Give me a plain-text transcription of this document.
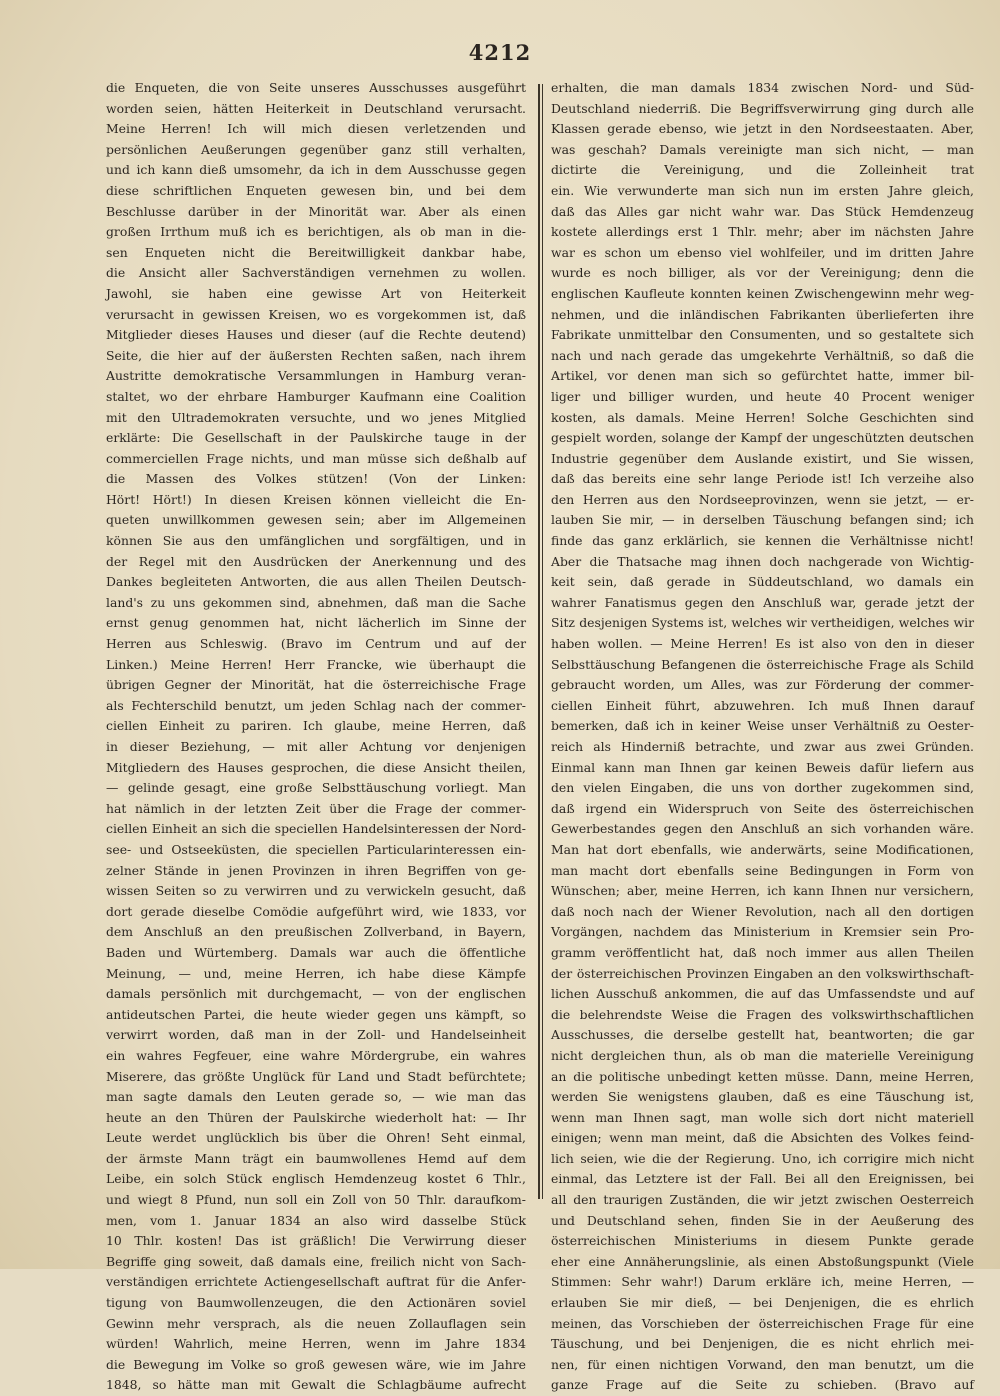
4212
die Enqueten, die von Seite unseres Ausschusses ausgeführt
worden seien, hätten Heiterkeit in Deutschland verursacht.
Meine Herren! Ich will mich diesen verletzenden und
persönlichen Aeußerungen gegenüber ganz still verhalten,
und ich kann dieß umsomehr, da ich in dem Ausschusse gegen
diese schriftlichen Enqueten gewesen bin, und bei dem
Beschlusse darüber in der Minorität war. Aber als einen
großen Irrthum muß ich es berichtigen, als ob man in die-
sen Enqueten nicht die Bereitwilligkeit dankbar habe,
die Ansicht aller Sachverständigen vernehmen zu wollen.
Jawohl, sie haben eine gewisse Art von Heiterkeit
verursacht in gewissen Kreisen, wo es vorgekommen ist, daß
Mitglieder dieses Hauses und dieser (auf die Rechte deutend)
Seite, die hier auf der äußersten Rechten saßen, nach ihrem
Austritte demokratische Versammlungen in Hamburg veran-
staltet, wo der ehrbare Hamburger Kaufmann eine Coalition
mit den Ultrademokraten versuchte, und wo jenes Mitglied
erklärte: Die Gesellschaft in der Paulskirche tauge in der
commerciellen Frage nichts, und man müsse sich deßhalb auf
die Massen des Volkes stützen! (Von der Linken:
Hört! Hört!) In diesen Kreisen können vielleicht die En-
queten unwillkommen gewesen sein; aber im Allgemeinen
können Sie aus den umfänglichen und sorgfältigen, und in
der Regel mit den Ausdrücken der Anerkennung und des
Dankes begleiteten Antworten, die aus allen Theilen Deutsch-
land's zu uns gekommen sind, abnehmen, daß man die Sache
ernst genug genommen hat, nicht lächerlich im Sinne der
Herren aus Schleswig. (Bravo im Centrum und auf der
Linken.) Meine Herren! Herr Francke, wie überhaupt die
übrigen Gegner der Minorität, hat die österreichische Frage
als Fechterschild benutzt, um jeden Schlag nach der commer-
ciellen Einheit zu pariren. Ich glaube, meine Herren, daß
in dieser Beziehung, — mit aller Achtung vor denjenigen
Mitgliedern des Hauses gesprochen, die diese Ansicht theilen,
— gelinde gesagt, eine große Selbsttäuschung vorliegt. Man
hat nämlich in der letzten Zeit über die Frage der commer-
ciellen Einheit an sich die speciellen Handelsinteressen der Nord-
see- und Ostseeküsten, die speciellen Particularinteressen ein-
zelner Stände in jenen Provinzen in ihren Begriffen von ge-
wissen Seiten so zu verwirren und zu verwickeln gesucht, daß
dort gerade dieselbe Comödie aufgeführt wird, wie 1833, vor
dem Anschluß an den preußischen Zollverband, in Bayern,
Baden und Würtemberg. Damals war auch die öffentliche
Meinung, — und, meine Herren, ich habe diese Kämpfe
damals persönlich mit durchgemacht, — von der englischen
antideutschen Partei, die heute wieder gegen uns kämpft, so
verwirrt worden, daß man in der Zoll- und Handelseinheit
ein wahres Fegfeuer, eine wahre Mördergrube, ein wahres
Miserere, das größte Unglück für Land und Stadt befürchtete;
man sagte damals den Leuten gerade so, — wie man das
heute an den Thüren der Paulskirche wiederholt hat: — Ihr
Leute werdet unglücklich bis über die Ohren! Seht einmal,
der ärmste Mann trägt ein baumwollenes Hemd auf dem
Leibe, ein solch Stück englisch Hemdenzeug kostet 6 Thlr.,
und wiegt 8 Pfund, nun soll ein Zoll von 50 Thlr. daraufkom-
men, vom 1. Januar 1834 an also wird dasselbe Stück
10 Thlr. kosten! Das ist gräßlich! Die Verwirrung dieser
Begriffe ging soweit, daß damals eine, freilich nicht von Sach-
verständigen errichtete Actiengesellschaft auftrat für die Anfer-
tigung von Baumwollenzeugen, die den Actionären soviel
Gewinn mehr versprach, als die neuen Zollauflagen sein
würden! Wahrlich, meine Herren, wenn im Jahre 1834
die Bewegung im Volke so groß gewesen wäre, wie im Jahre
1848, so hätte man mit Gewalt die Schlagbäume aufrecht
erhalten, die man damals 1834 zwischen Nord- und Süd-
Deutschland niederriß. Die Begriffsverwirrung ging durch alle
Klassen gerade ebenso, wie jetzt in den Nordseestaaten. Aber,
was geschah? Damals vereinigte man sich nicht, — man
dictirte die Vereinigung, und die Zolleinheit trat
ein. Wie verwunderte man sich nun im ersten Jahre gleich,
daß das Alles gar nicht wahr war. Das Stück Hemdenzeug
kostete allerdings erst 1 Thlr. mehr; aber im nächsten Jahre
war es schon um ebenso viel wohlfeiler, und im dritten Jahre
wurde es noch billiger, als vor der Vereinigung; denn die
englischen Kaufleute konnten keinen Zwischengewinn mehr weg-
nehmen, und die inländischen Fabrikanten überlieferten ihre
Fabrikate unmittelbar den Consumenten, und so gestaltete sich
nach und nach gerade das umgekehrte Verhältniß, so daß die
Artikel, vor denen man sich so gefürchtet hatte, immer bil-
liger und billiger wurden, und heute 40 Procent weniger
kosten, als damals. Meine Herren! Solche Geschichten sind
gespielt worden, solange der Kampf der ungeschützten deutschen
Industrie gegenüber dem Auslande existirt, und Sie wissen,
daß das bereits eine sehr lange Periode ist! Ich verzeihe also
den Herren aus den Nordseeprovinzen, wenn sie jetzt, — er-
lauben Sie mir, — in derselben Täuschung befangen sind; ich
finde das ganz erklärlich, sie kennen die Verhältnisse nicht!
Aber die Thatsache mag ihnen doch nachgerade von Wichtig-
keit sein, daß gerade in Süddeutschland, wo damals ein
wahrer Fanatismus gegen den Anschluß war, gerade jetzt der
Sitz desjenigen Systems ist, welches wir vertheidigen, welches wir
haben wollen. — Meine Herren! Es ist also von den in dieser
Selbsttäuschung Befangenen die österreichische Frage als Schild
gebraucht worden, um Alles, was zur Förderung der commer-
ciellen Einheit führt, abzuwehren. Ich muß Ihnen darauf
bemerken, daß ich in keiner Weise unser Verhältniß zu Oester-
reich als Hinderniß betrachte, und zwar aus zwei Gründen.
Einmal kann man Ihnen gar keinen Beweis dafür liefern aus
den vielen Eingaben, die uns von dorther zugekommen sind,
daß irgend ein Widerspruch von Seite des österreichischen
Gewerbestandes gegen den Anschluß an sich vorhanden wäre.
Man hat dort ebenfalls, wie anderwärts, seine Modificationen,
man macht dort ebenfalls seine Bedingungen in Form von
Wünschen; aber, meine Herren, ich kann Ihnen nur versichern,
daß noch nach der Wiener Revolution, nach all den dortigen
Vorgängen, nachdem das Ministerium in Kremsier sein Pro-
gramm veröffentlicht hat, daß noch immer aus allen Theilen
der österreichischen Provinzen Eingaben an den volkswirthschaft-
lichen Ausschuß ankommen, die auf das Umfassendste und auf
die belehrendste Weise die Fragen des volkswirthschaftlichen
Ausschusses, die derselbe gestellt hat, beantworten; die gar
nicht dergleichen thun, als ob man die materielle Vereinigung
an die politische unbedingt ketten müsse. Dann, meine Herren,
werden Sie wenigstens glauben, daß es eine Täuschung ist,
wenn man Ihnen sagt, man wolle sich dort nicht materiell
einigen; wenn man meint, daß die Absichten des Volkes feind-
lich seien, wie die der Regierung. Uno, ich corrigire mich nicht
einmal, das Letztere ist der Fall. Bei all den Ereignissen, bei
all den traurigen Zuständen, die wir jetzt zwischen Oesterreich
und Deutschland sehen, finden Sie in der Aeußerung des
österreichischen Ministeriums in diesem Punkte gerade
eher eine Annäherungslinie, als einen Abstoßungspunkt (Viele
Stimmen: Sehr wahr!) Darum erkläre ich, meine Herren, —
erlauben Sie mir dieß, — bei Denjenigen, die es ehrlich
meinen, das Vorschieben der österreichischen Frage für eine
Täuschung, und bei Denjenigen, die es nicht ehrlich mei-
nen, für einen nichtigen Vorwand, den man benutzt, um die
ganze Frage auf die Seite zu schieben. (Bravo auf
